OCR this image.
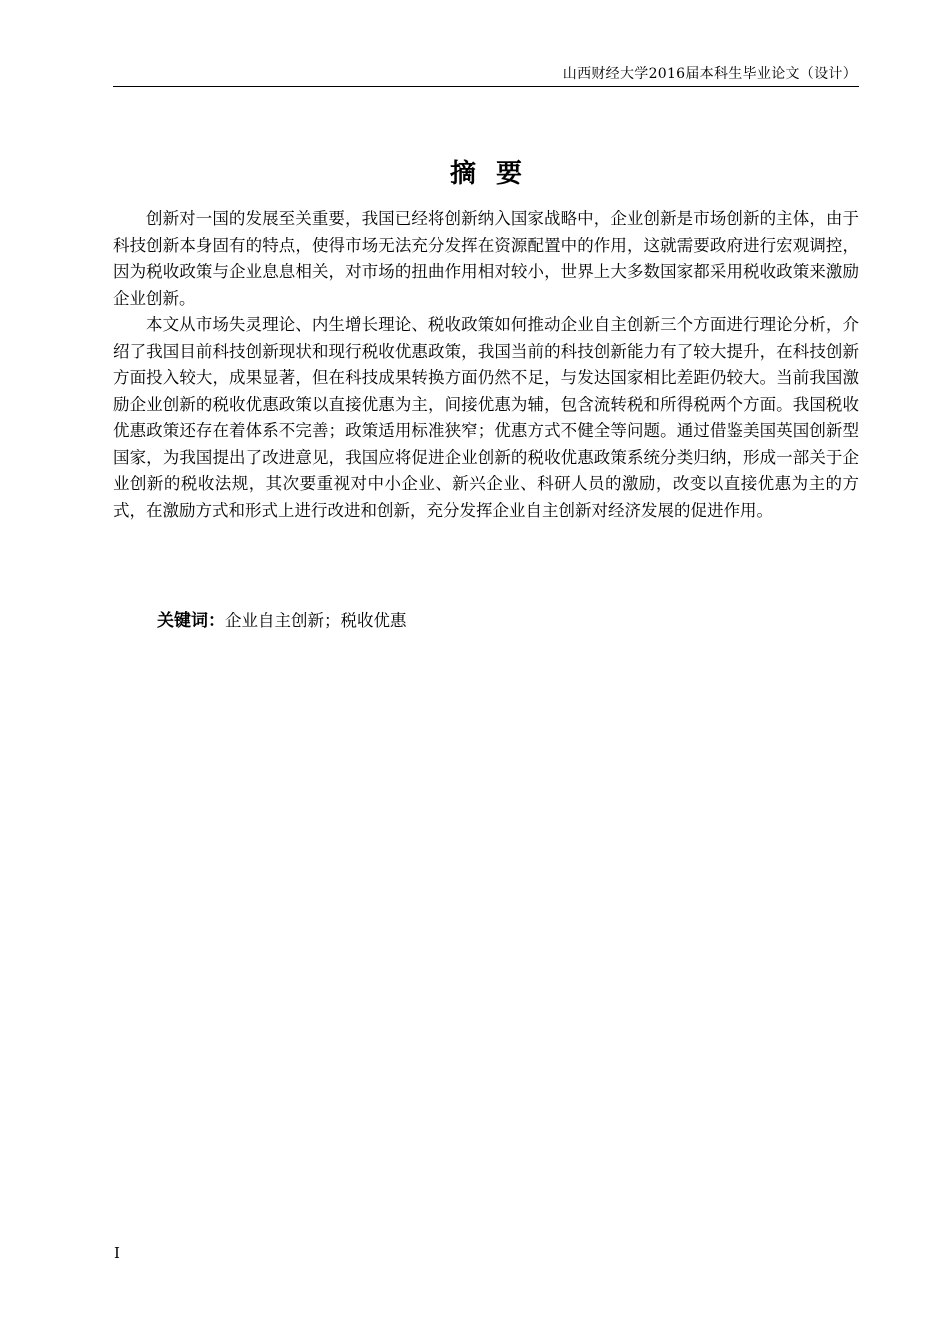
山西财经大学2016届本科生毕业论文（设计）
摘要

创新对一国的发展至关重要，我国已经将创新纳入国家战略中，企业创新是市场创新的主体，由于科技创新本身固有的特点，使得市场无法充分发挥在资源配置中的作用，这就需要政府进行宏观调控，因为税收政策与企业息息相关，对市场的扭曲作用相对较小，世界上大多数国家都采用税收政策来激励企业创新。

本文从市场失灵理论、内生增长理论、税收政策如何推动企业自主创新三个方面进行理论分析，介绍了我国目前科技创新现状和现行税收优惠政策，我国当前的科技创新能力有了较大提升，在科技创新方面投入较大，成果显著，但在科技成果转换方面仍然不足，与发达国家相比差距仍较大。当前我国激励企业创新的税收优惠政策以直接优惠为主，间接优惠为辅，包含流转税和所得税两个方面。我国税收优惠政策还存在着体系不完善；政策适用标准狭窄；优惠方式不健全等问题。通过借鉴美国英国创新型国家，为我国提出了改进意见，我国应将促进企业创新的税收优惠政策系统分类归纳，形成一部关于企业创新的税收法规，其次要重视对中小企业、新兴企业、科研人员的激励，改变以直接优惠为主的方式，在激励方式和形式上进行改进和创新，充分发挥企业自主创新对经济发展的促进作用。

关键词：企业自主创新；税收优惠
I
